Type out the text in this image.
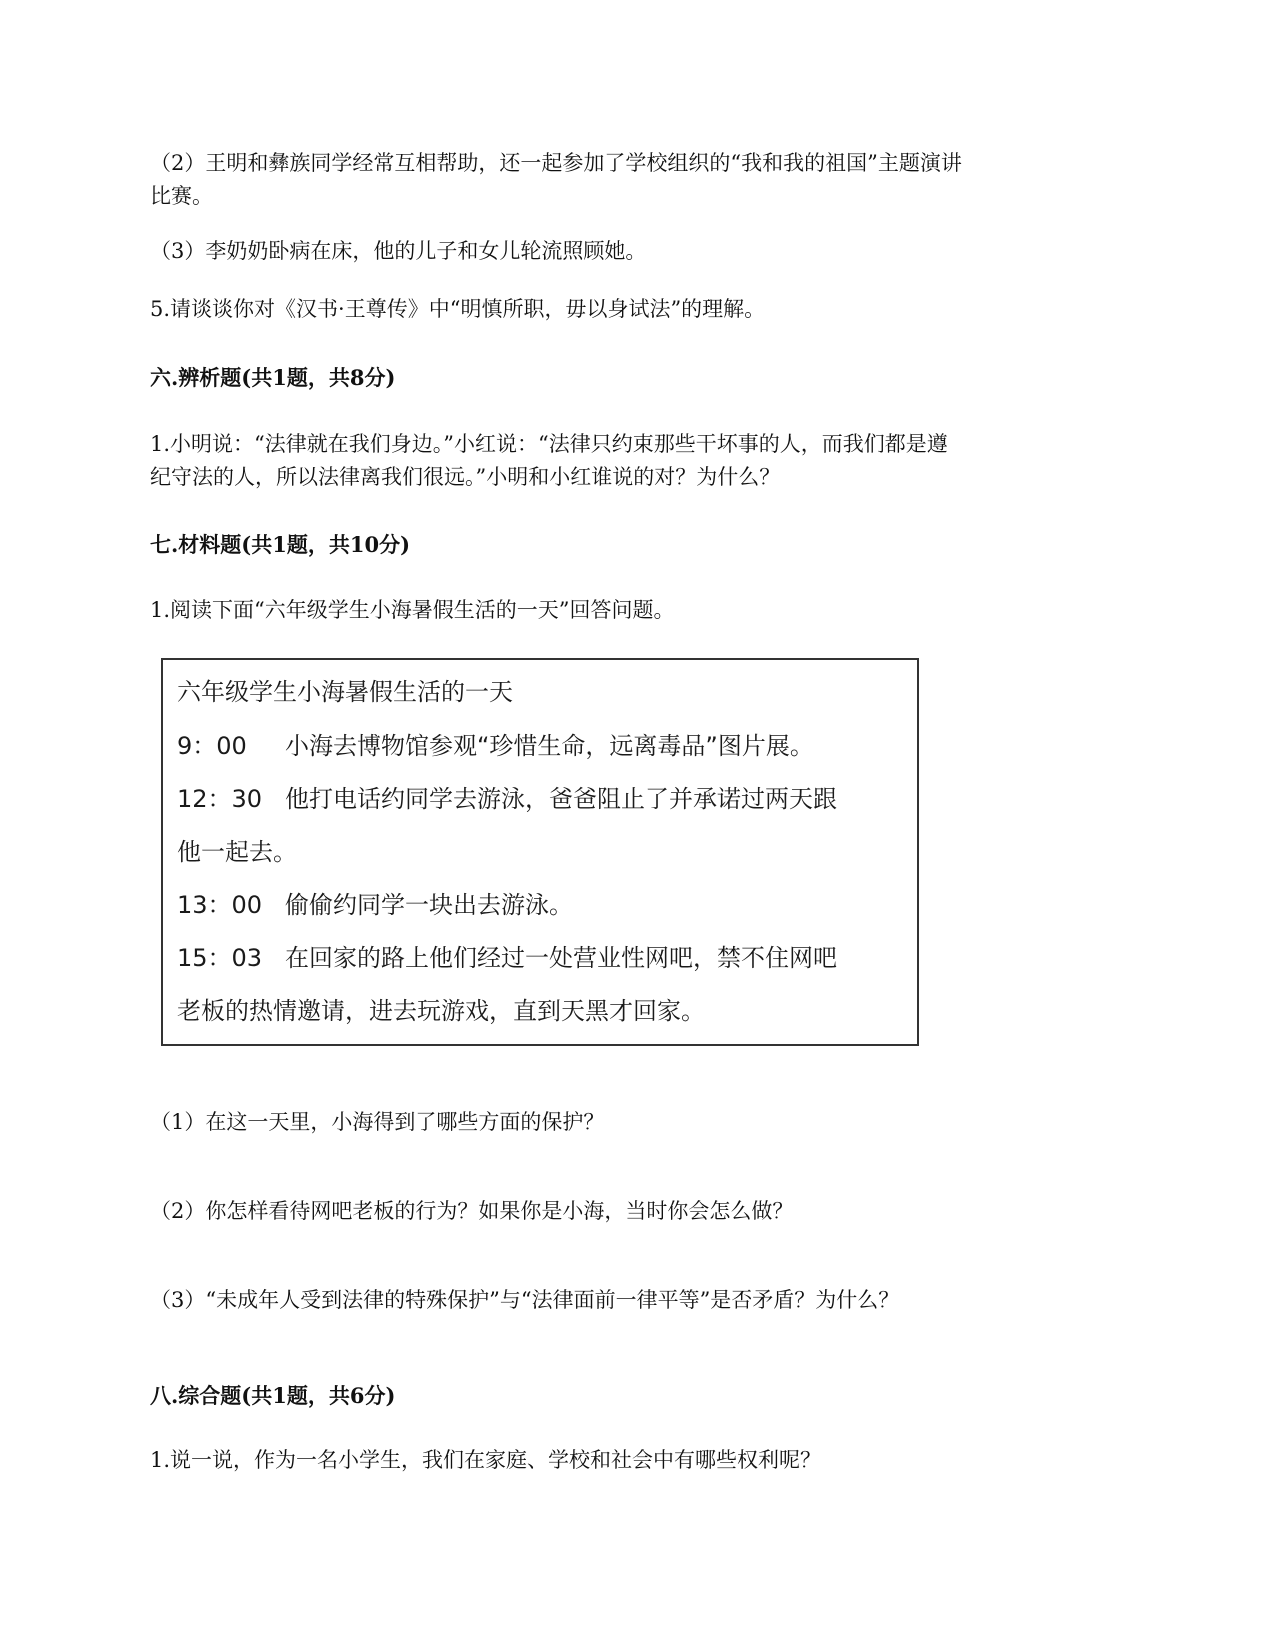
（2）王明和彝族同学经常互相帮助，还一起参加了学校组织的“我和我的祖国”主题演讲
比赛。
（3）李奶奶卧病在床，他的儿子和女儿轮流照顾她。
5.请谈谈你对《汉书·王尊传》中“明慎所职，毋以身试法”的理解。
六.辨析题(共1题，共8分)
1.小明说：“法律就在我们身边。”小红说：“法律只约束那些干坏事的人，而我们都是遵
纪守法的人，所以法律离我们很远。”小明和小红谁说的对？为什么？
七.材料题(共1题，共10分)
1.阅读下面“六年级学生小海暑假生活的一天”回答问题。
六年级学生小海暑假生活的一天
9：00 小海去博物馆参观“珍惜生命，远离毒品”图片展。
12：30 他打电话约同学去游泳，爸爸阻止了并承诺过两天跟
他一起去。
13：00 偷偷约同学一块出去游泳。
15：03 在回家的路上他们经过一处营业性网吧，禁不住网吧
老板的热情邀请，进去玩游戏，直到天黑才回家。
（1）在这一天里，小海得到了哪些方面的保护？
（2）你怎样看待网吧老板的行为？如果你是小海，当时你会怎么做？
（3）“未成年人受到法律的特殊保护”与“法律面前一律平等”是否矛盾？为什么？
八.综合题(共1题，共6分)
1.说一说，作为一名小学生，我们在家庭、学校和社会中有哪些权利呢？
